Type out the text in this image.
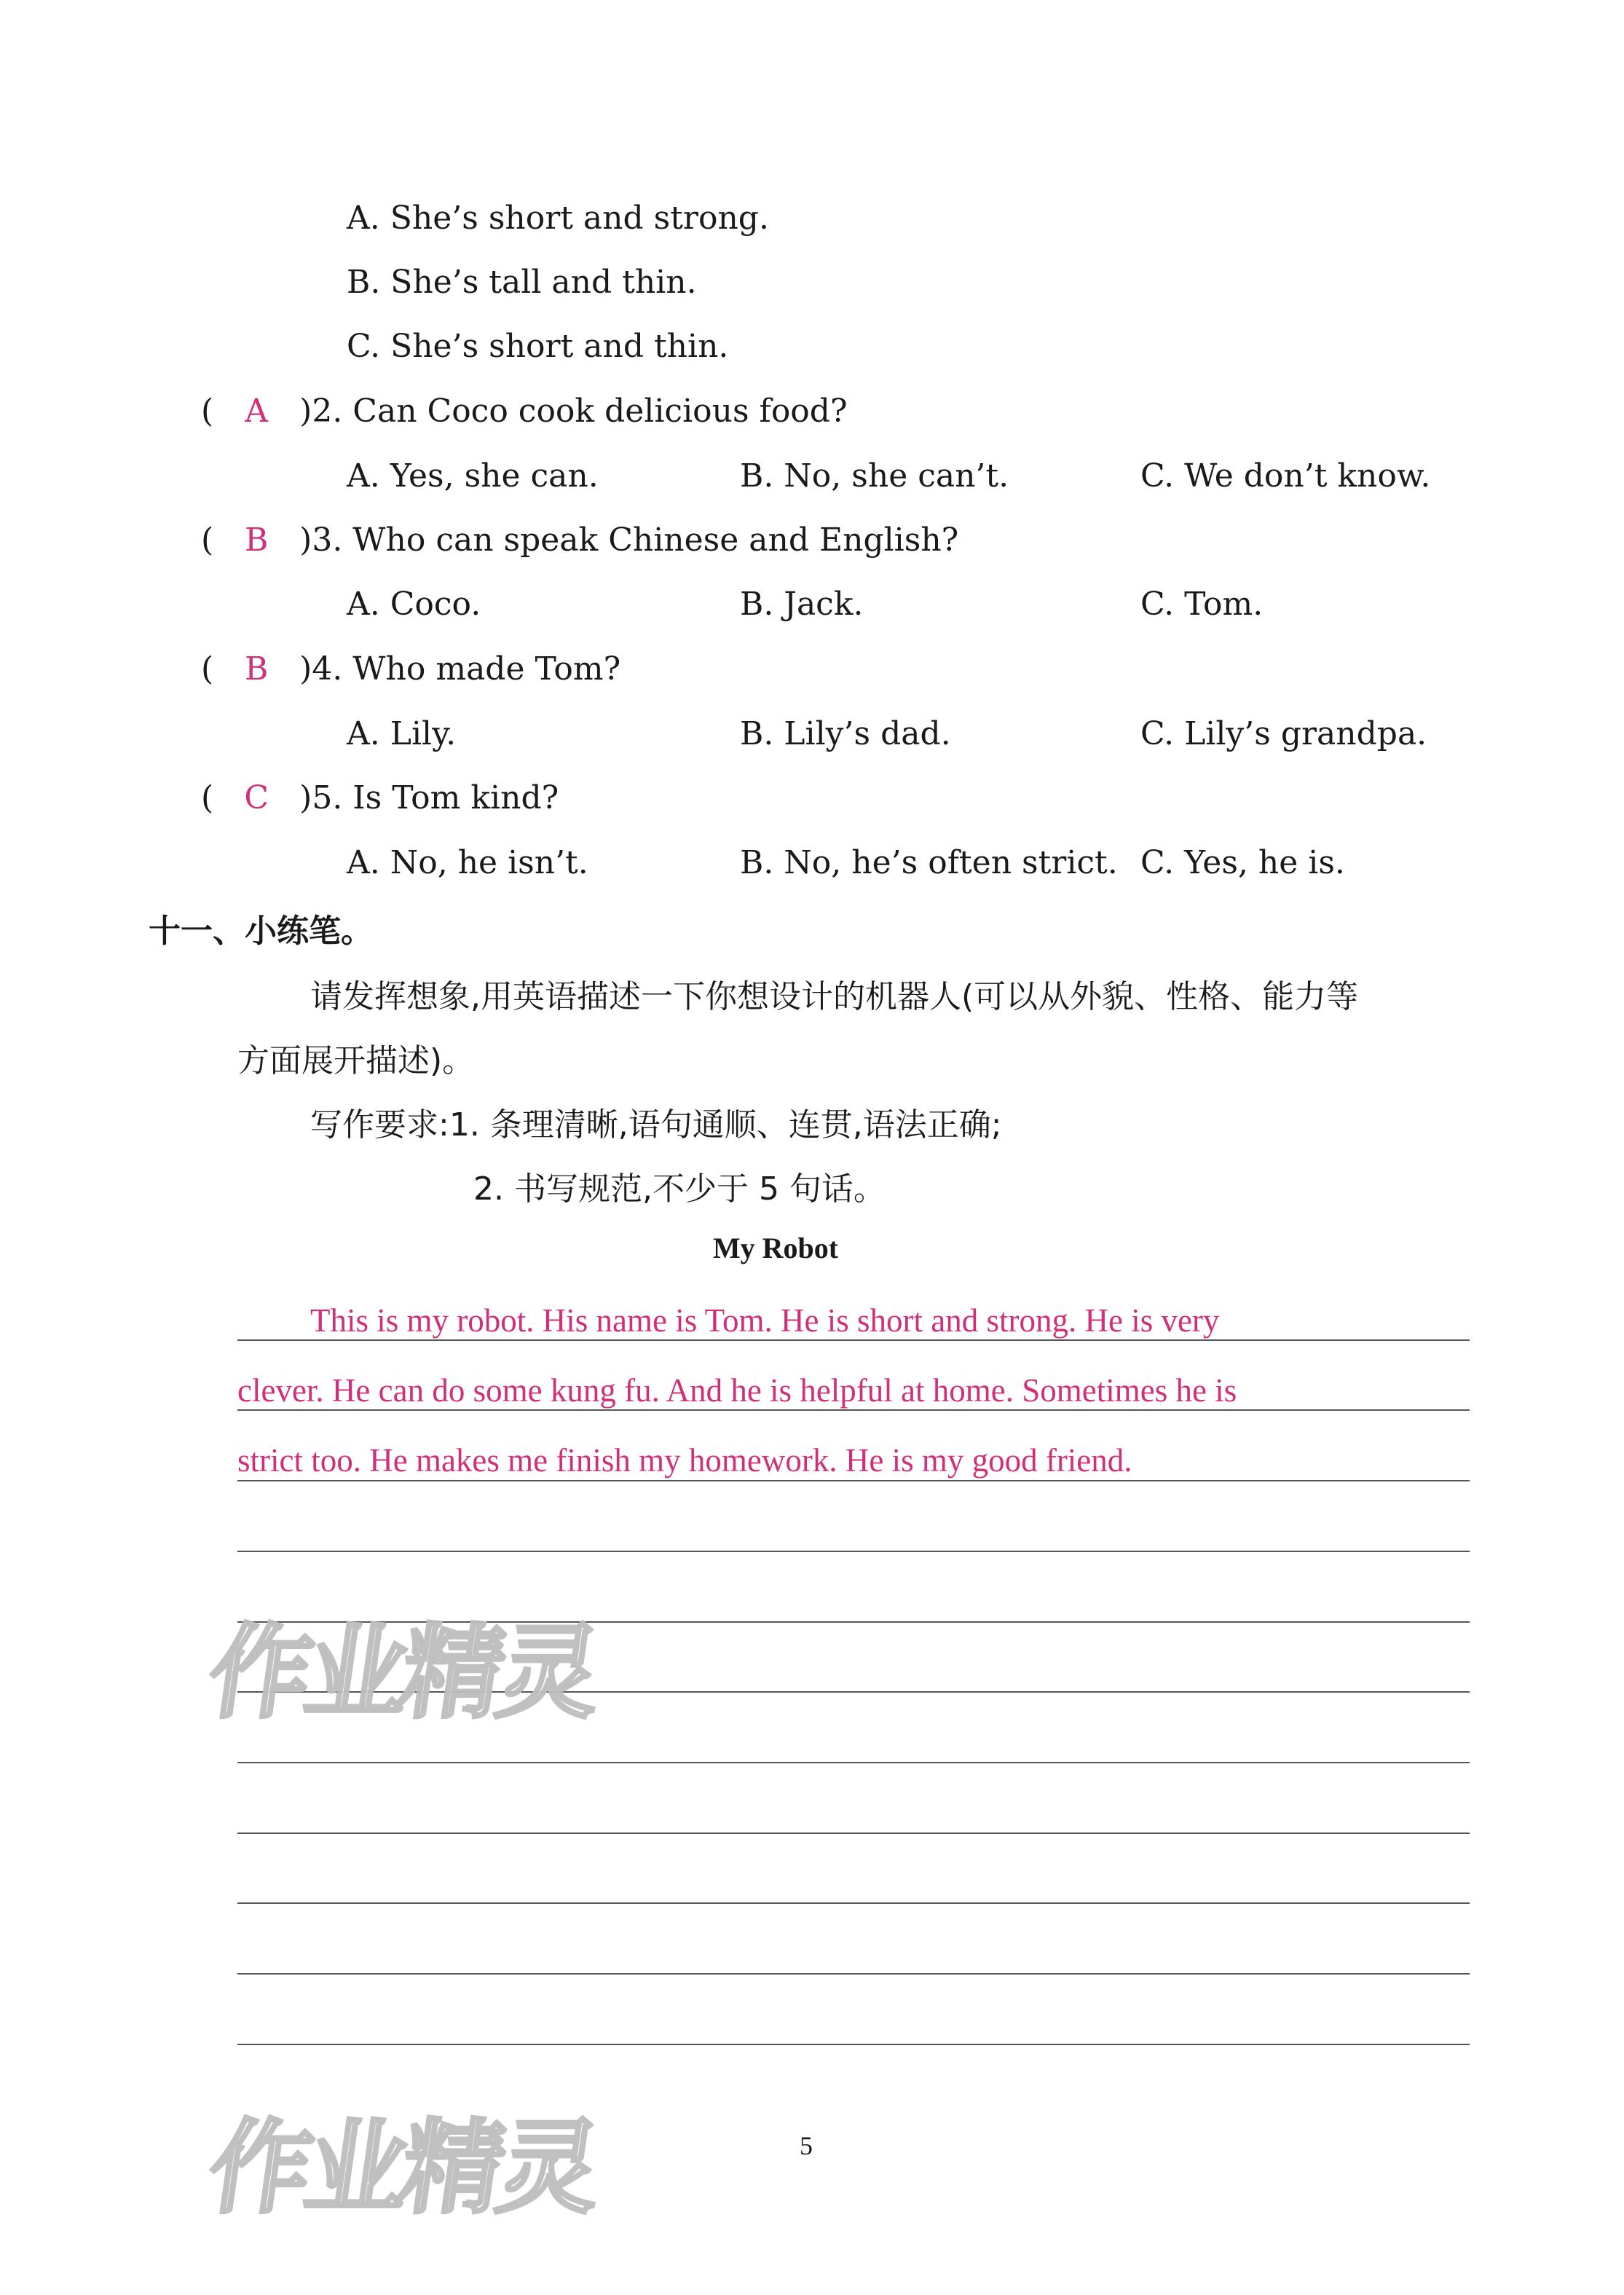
A. She’s short and strong.
B. She’s tall and thin.
C. She’s short and thin.
( A )2. Can Coco cook delicious food?
A. Yes, she can.	B. No, she can’t.	C. We don’t know.
( B )3. Who can speak Chinese and English?
A. Coco.	B. Jack.	C. Tom.
( B )4. Who made Tom?
A. Lily.	B. Lily’s dad.	C. Lily’s grandpa.
( C )5. Is Tom kind?
A. No, he isn’t.	B. No, he’s often strict. C. Yes, he is.
十一、小练笔。
请发挥想象,用英语描述一下你想设计的机器人(可以从外貌、性格、能力等
方面展开描述)。
写作要求:1. 条理清晰,语句通顺、连贯,语法正确;
2. 书写规范,不少于 5 句话。
My Robot
This is my robot. His name is Tom. He is short and strong. He is very
clever. He can do some kung fu. And he is helpful at home. Sometimes he is
strict too. He makes me finish my homework. He is my good friend.
作业精灵
作业精灵	5
